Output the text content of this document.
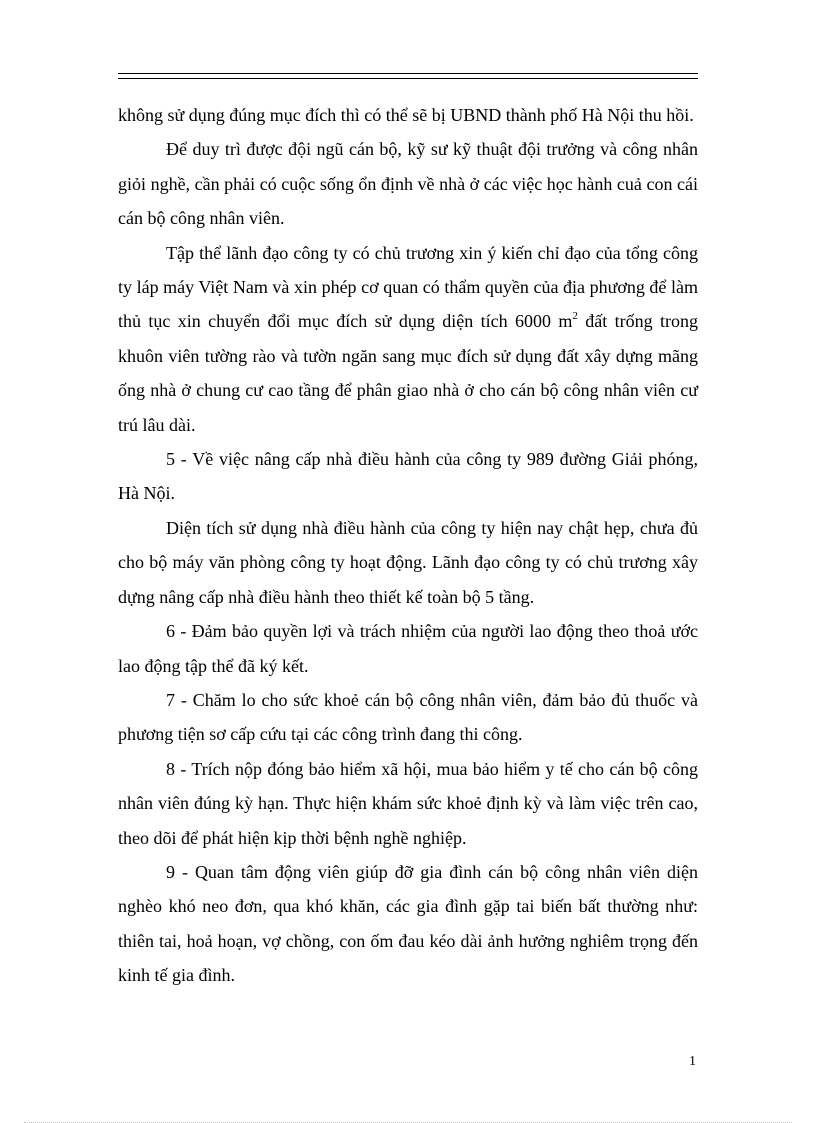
không sử dụng đúng mục đích thì có thể sẽ bị UBND thành phố Hà Nội thu hồi.

Để duy trì được đội ngũ cán bộ, kỹ sư kỹ thuật đội trưởng và công nhân giỏi nghề, cần phải có cuộc sống ổn định về nhà ở các việc học hành cuả con cái cán bộ công nhân viên.

Tập thể lãnh đạo công ty có chủ trương xin ý kiến chỉ đạo của tổng công ty láp máy Việt Nam và xin phép cơ quan có thẩm quyền của địa phương để làm thủ tục xin chuyển đổi mục đích sử dụng diện tích 6000 $m^2$ đất trống trong khuôn viên tường rào và tườn ngăn sang mục đích sử dụng đất xây dựng mãng ống nhà ở chung cư cao tầng để phân giao nhà ở cho cán bộ công nhân viên cư trú lâu dài.

5 - Về việc nâng cấp nhà điều hành của công ty 989 đường Giải phóng, Hà Nội.

Diện tích sử dụng nhà điều hành của công ty hiện nay chật hẹp, chưa đủ cho bộ máy văn phòng công ty hoạt động. Lãnh đạo công ty có chủ trương xây dựng nâng cấp nhà điều hành theo thiết kế toàn bộ 5 tầng.

6 - Đảm bảo quyền lợi và trách nhiệm của người lao động theo thoả ước lao động tập thể đã ký kết.

7 - Chăm lo cho sức khoẻ cán bộ công nhân viên, đảm bảo đủ thuốc và phương tiện sơ cấp cứu tại các công trình đang thi công.

8 - Trích nộp đóng bảo hiểm xã hội, mua bảo hiểm y tế cho cán bộ công nhân viên đúng kỳ hạn. Thực hiện khám sức khoẻ định kỳ và làm việc trên cao, theo dõi để phát hiện kịp thời bệnh nghề nghiệp.

9 - Quan tâm động viên giúp đỡ gia đình cán bộ công nhân viên diện nghèo khó neo đơn, qua khó khăn, các gia đình gặp tai biến bất thường như: thiên tai, hoả hoạn, vợ chồng, con ốm đau kéo dài ảnh hưởng nghiêm trọng đến kinh tế gia đình.

1
